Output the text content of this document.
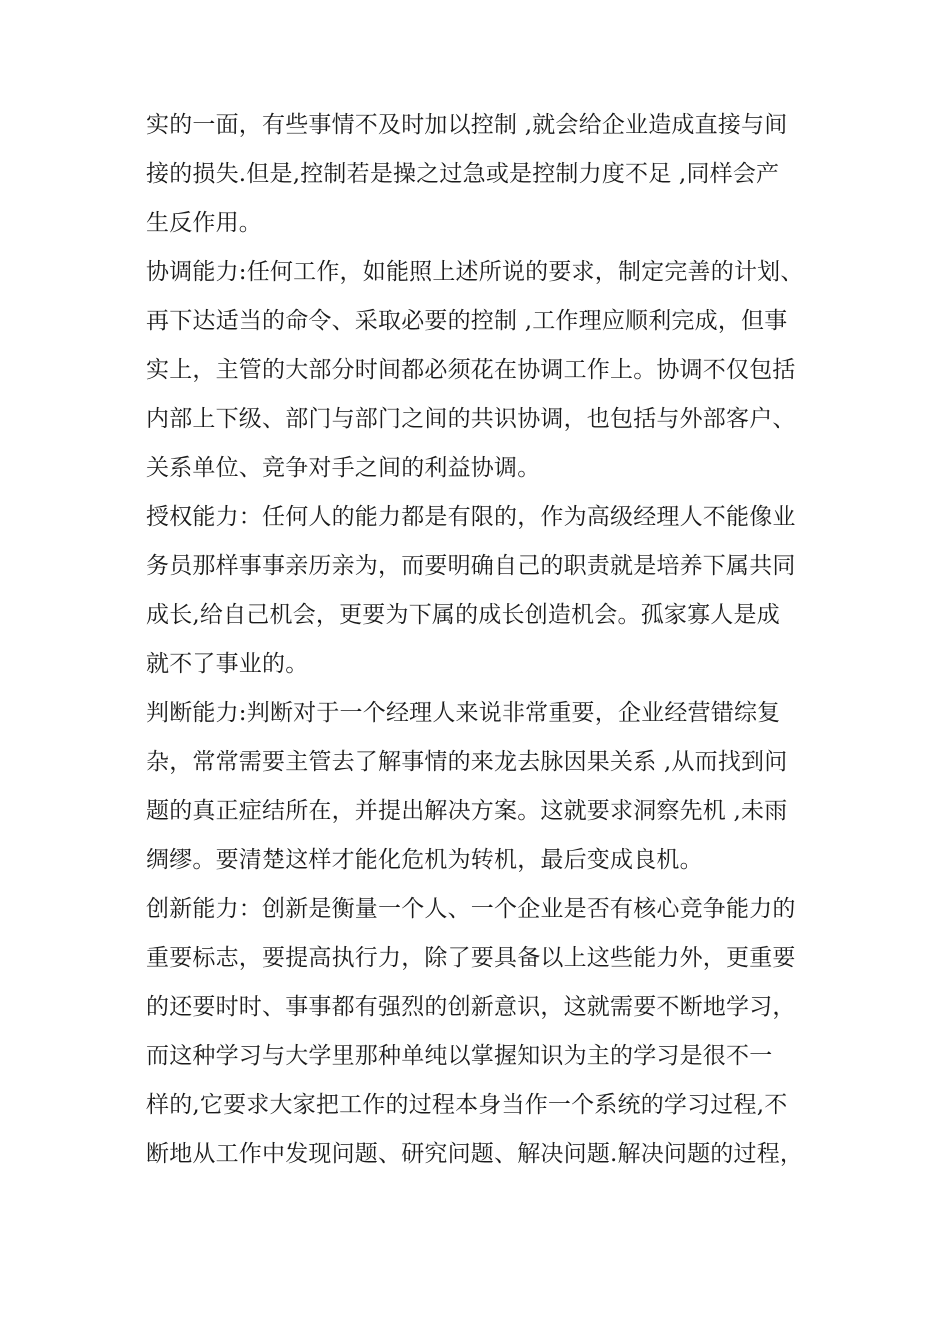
实的一面，有些事情不及时加以控制 ,就会给企业造成直接与间
接的损失.但是,控制若是操之过急或是控制力度不足 ,同样会产
生反作用。
协调能力:任何工作，如能照上述所说的要求，制定完善的计划、
再下达适当的命令、采取必要的控制 ,工作理应顺利完成，但事
实上，主管的大部分时间都必须花在协调工作上。协调不仅包括
内部上下级、部门与部门之间的共识协调，也包括与外部客户、
关系单位、竞争对手之间的利益协调。
授权能力：任何人的能力都是有限的，作为高级经理人不能像业
务员那样事事亲历亲为，而要明确自己的职责就是培养下属共同
成长,给自己机会，更要为下属的成长创造机会。孤家寡人是成
就不了事业的。
判断能力:判断对于一个经理人来说非常重要，企业经营错综复
杂，常常需要主管去了解事情的来龙去脉因果关系 ,从而找到问
题的真正症结所在，并提出解决方案。这就要求洞察先机 ,未雨
绸缪。要清楚这样才能化危机为转机，最后变成良机。
创新能力：创新是衡量一个人、一个企业是否有核心竞争能力的
重要标志，要提高执行力，除了要具备以上这些能力外，更重要
的还要时时、事事都有强烈的创新意识，这就需要不断地学习，
而这种学习与大学里那种单纯以掌握知识为主的学习是很不一
样的,它要求大家把工作的过程本身当作一个系统的学习过程,不
断地从工作中发现问题、研究问题、解决问题.解决问题的过程，
